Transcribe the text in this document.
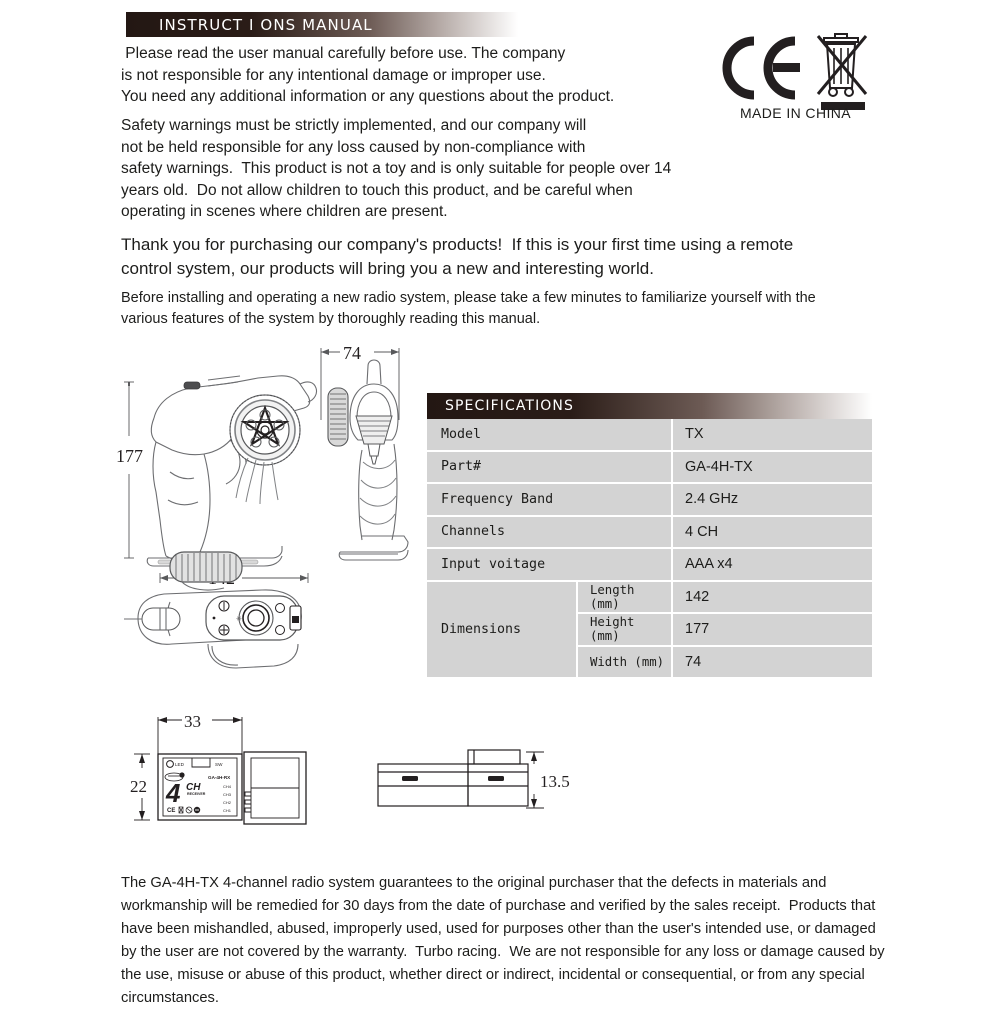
INSTRUCT I ONS MANUAL
Please read the user manual carefully before use. The company
is not responsible for any intentional damage or improper use.
You need any additional information or any questions about the product.
Safety warnings must be strictly implemented, and our company will
not be held responsible for any loss caused by non-compliance with
safety warnings.  This product is not a toy and is only suitable for people over 14
years old.  Do not allow children to touch this product, and be careful when
operating in scenes where children are present.
Thank you for purchasing our company's products!  If this is your first time using a remote
control system, our products will bring you a new and interesting world.
Before installing and operating a new radio system, please take a few minutes to familiarize yourself with the
various features of the system by thoroughly reading this manual.
MADE IN CHINA
177
74
✳
33
22
LED	SW
GA-4H-RX
4 CH
RECEIVER
CH4
CH3
CH2
CH1
CE
13.5
SPECIFICATIONS
Model		TX
Part#		GA-4H-TX
Frequency Band		2.4 GHz
Channels		4 CH
Input voitage		AAA x4
Dimensions	Length (mm)	142
	Height (mm)	177
	Width (mm)	74
The GA-4H-TX 4-channel radio system guarantees to the original purchaser that the defects in materials and
workmanship will be remedied for 30 days from the date of purchase and verified by the sales receipt.  Products that
have been mishandled, abused, improperly used, used for purposes other than the user's intended use, or damaged
by the user are not covered by the warranty.  Turbo racing.  We are not responsible for any loss or damage caused by
the use, misuse or abuse of this product, whether direct or indirect, incidental or consequential, or from any special
circumstances.
